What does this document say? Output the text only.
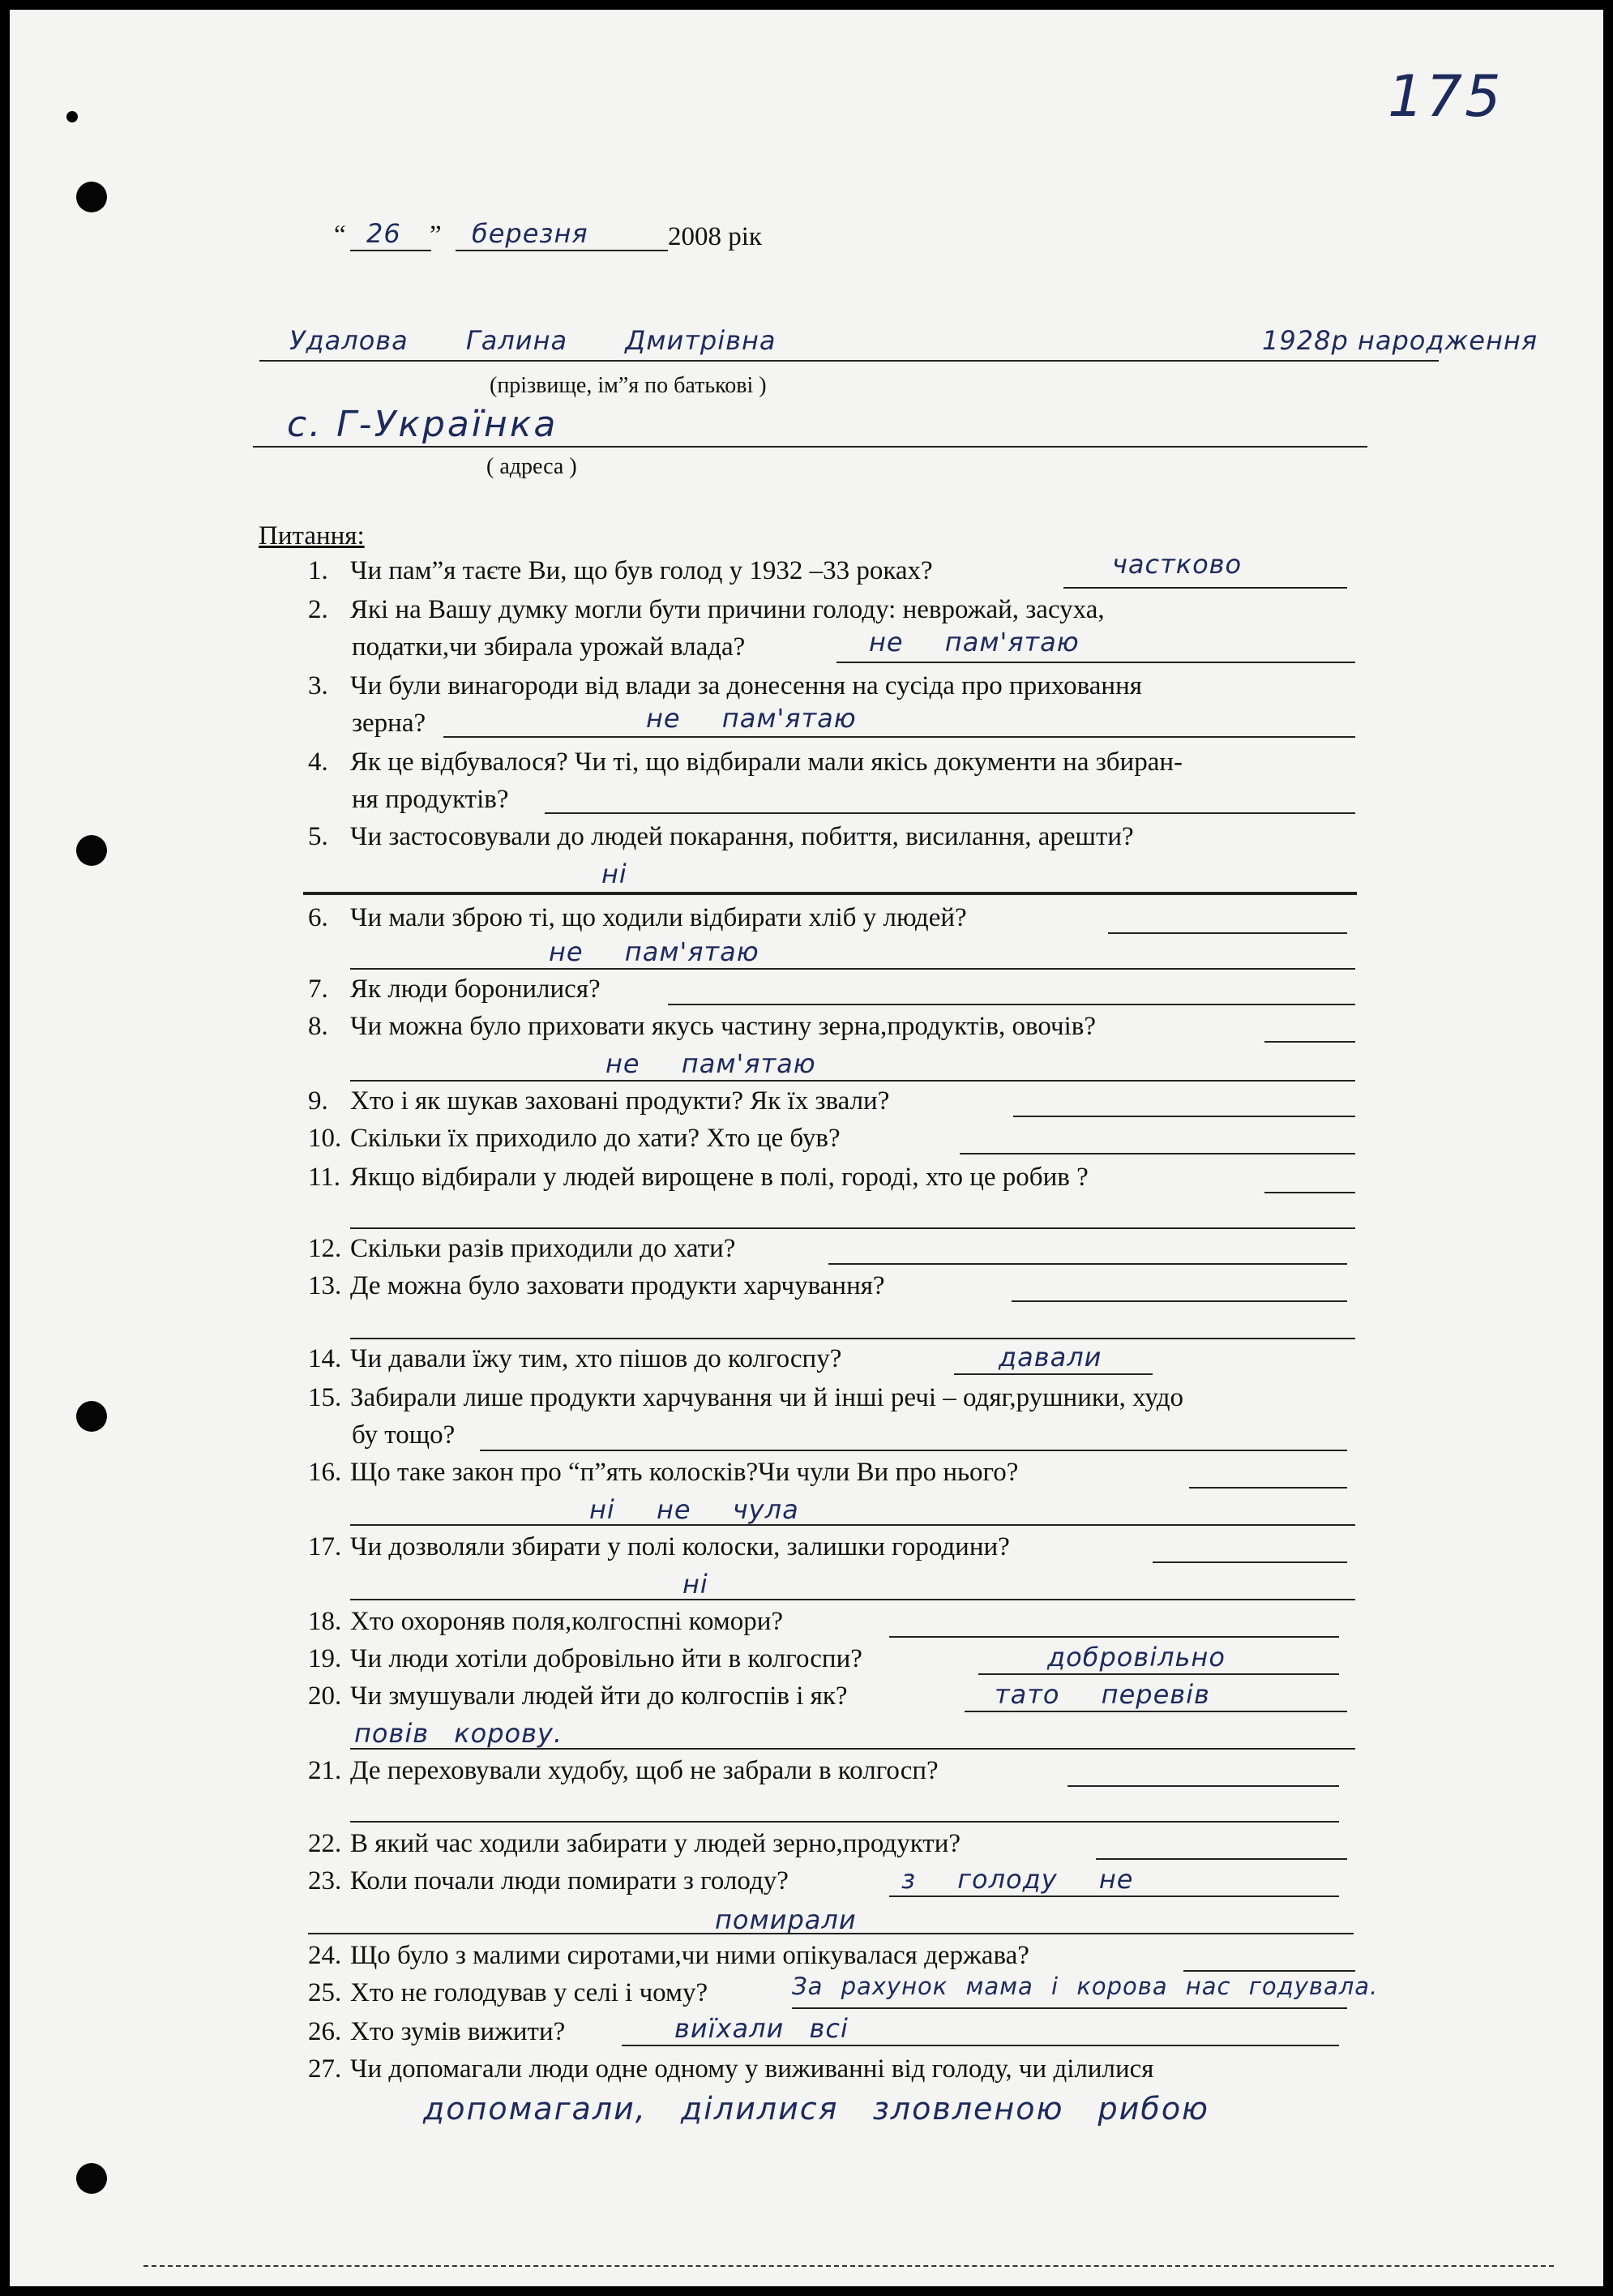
175
“ 26 ” березня	2008 рік
Удалова Галина Дмитрівна	1928р народження
(прізвище, ім”я по батькові )
с. Г-Українка
( адреса )
Питання:
1. Чи пам”я таєте Ви, що був голод у 1932 –33 роках?	частково
2. Які на Вашу думку могли бути причини голоду: неврожай, засуха,
податки,чи збирала урожай влада?	не пам'ятаю
3. Чи були винагороди від влади за донесення на сусіда про приховання
зерна?	не пам'ятаю
4. Як це відбувалося? Чи ті, що відбирали мали якісь документи на збиран-
ня продуктів?
5. Чи застосовували до людей покарання, побиття, висилання, арешти?
ні
6. Чи мали зброю ті, що ходили відбирати хліб у людей?
не пам'ятаю
7. Як люди боронилися?
8. Чи можна було приховати якусь частину зерна,продуктів, овочів?
не пам'ятаю
9. Хто і як шукав заховані продукти? Як їх звали?
10. Скільки їх приходило до хати? Хто це був?
11. Якщо відбирали у людей вирощене в полі, городі, хто це робив ?
12. Скільки разів приходили до хати?
13. Де можна було заховати продукти харчування?
14. Чи давали їжу тим, хто пішов до колгоспу?	давали
15. Забирали лише продукти харчування чи й інші речі – одяг,рушники, худо
бу тощо?
16. Що таке закон про “п”ять колосків?Чи чули Ви про нього?
ні не чула
17. Чи дозволяли збирати у полі колоски, залишки городини?
ні
18. Хто охороняв поля,колгоспні комори?
19. Чи люди хотіли добровільно йти в колгоспи?	добровільно
20. Чи змушували людей йти до колгоспів і як?	тато перевів
повів корову.
21. Де переховували худобу, щоб не забрали в колгосп?
22. В який час ходили забирати у людей зерно,продукти?
23. Коли почали люди помирати з голоду?	з голоду не
помирали
24. Що було з малими сиротами,чи ними опікувалася держава?
25. Хто не голодував у селі і чому?	За рахунок мама і корова нас годувала.
26. Хто зумів вижити?	виїхали всі
27. Чи допомагали люди одне одному у виживанні від голоду, чи ділилися
допомагали, ділилися зловленою рибою
